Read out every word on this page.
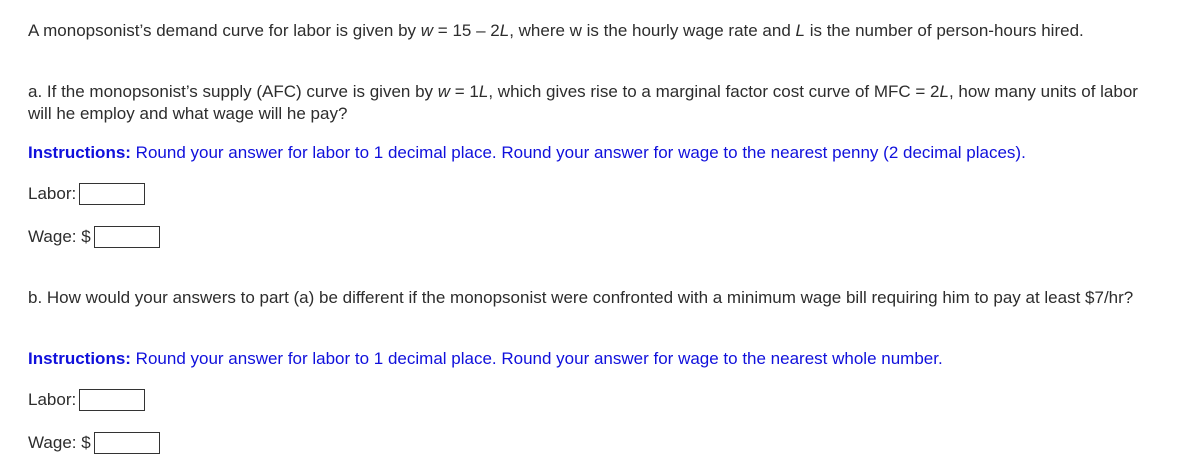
A monopsonist’s demand curve for labor is given by w = 15 – 2L, where w is the hourly wage rate and L is the number of person-hours hired.

a. If the monopsonist’s supply (AFC) curve is given by w = 1L, which gives rise to a marginal factor cost curve of MFC = 2L, how many units of labor will he employ and what wage will he pay?

Instructions: Round your answer for labor to 1 decimal place. Round your answer for wage to the nearest penny (2 decimal places).

Labor:
Wage: $

b. How would your answers to part (a) be different if the monopsonist were confronted with a minimum wage bill requiring him to pay at least $7/hr?

Instructions: Round your answer for labor to 1 decimal place. Round your answer for wage to the nearest whole number.

Labor:
Wage: $
